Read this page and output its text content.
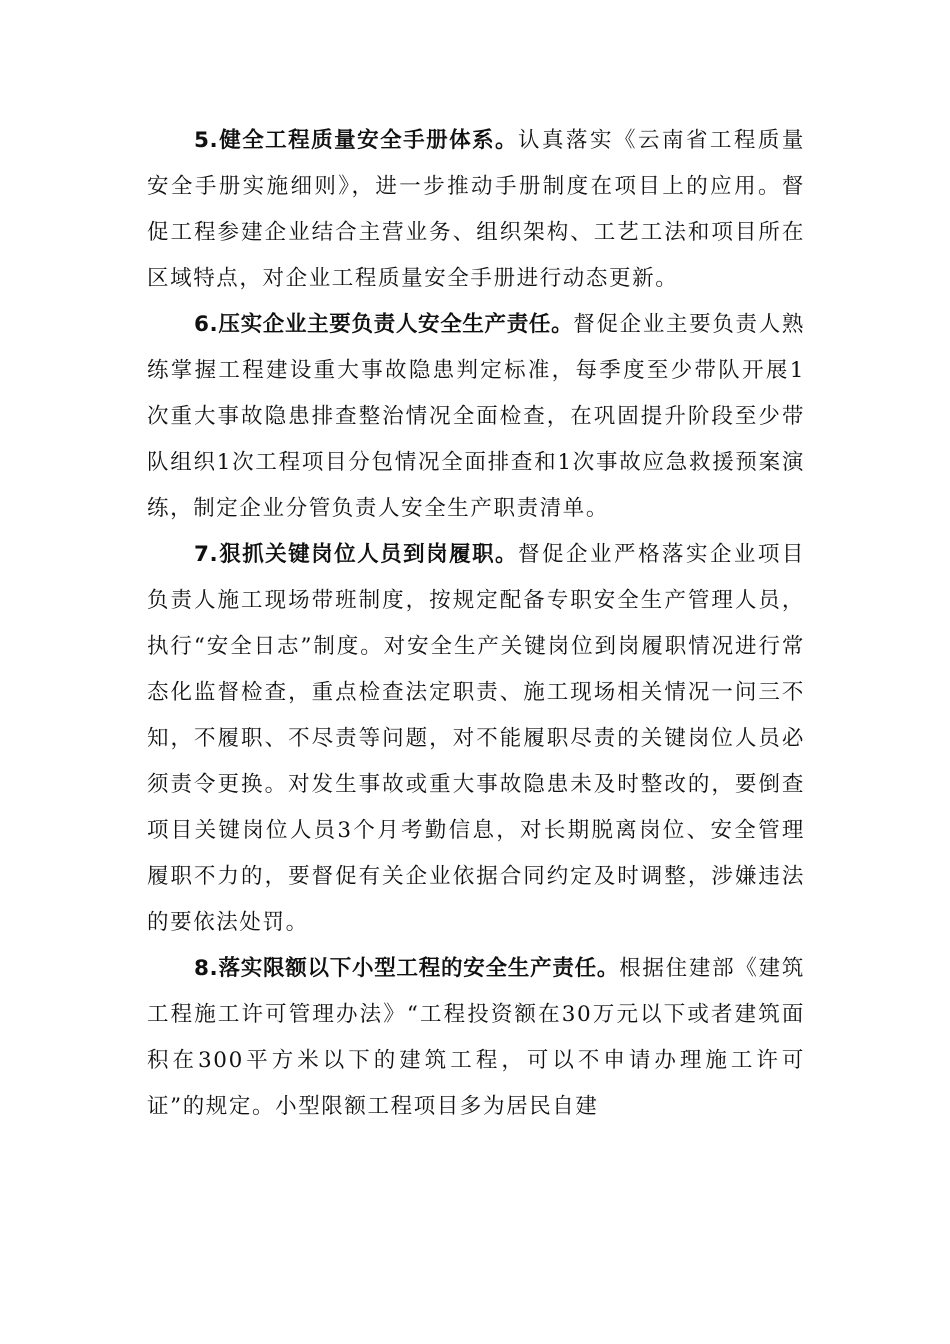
5.健全工程质量安全手册体系。认真落实《云南省工程质量安全手册实施细则》，进一步推动手册制度在项目上的应用。督促工程参建企业结合主营业务、组织架构、工艺工法和项目所在区域特点，对企业工程质量安全手册进行动态更新。

6.压实企业主要负责人安全生产责任。督促企业主要负责人熟练掌握工程建设重大事故隐患判定标准，每季度至少带队开展1次重大事故隐患排查整治情况全面检查，在巩固提升阶段至少带队组织1次工程项目分包情况全面排查和1次事故应急救援预案演练，制定企业分管负责人安全生产职责清单。

7.狠抓关键岗位人员到岗履职。督促企业严格落实企业项目负责人施工现场带班制度，按规定配备专职安全生产管理人员，执行“安全日志”制度。对安全生产关键岗位到岗履职情况进行常态化监督检查，重点检查法定职责、施工现场相关情况一问三不知，不履职、不尽责等问题，对不能履职尽责的关键岗位人员必须责令更换。对发生事故或重大事故隐患未及时整改的，要倒查项目关键岗位人员3个月考勤信息，对长期脱离岗位、安全管理履职不力的，要督促有关企业依据合同约定及时调整，涉嫌违法的要依法处罚。

8.落实限额以下小型工程的安全生产责任。根据住建部《建筑工程施工许可管理办法》“工程投资额在30万元以下或者建筑面积在300平方米以下的建筑工程，可以不申请办理施工许可证”的规定。小型限额工程项目多为居民自建
